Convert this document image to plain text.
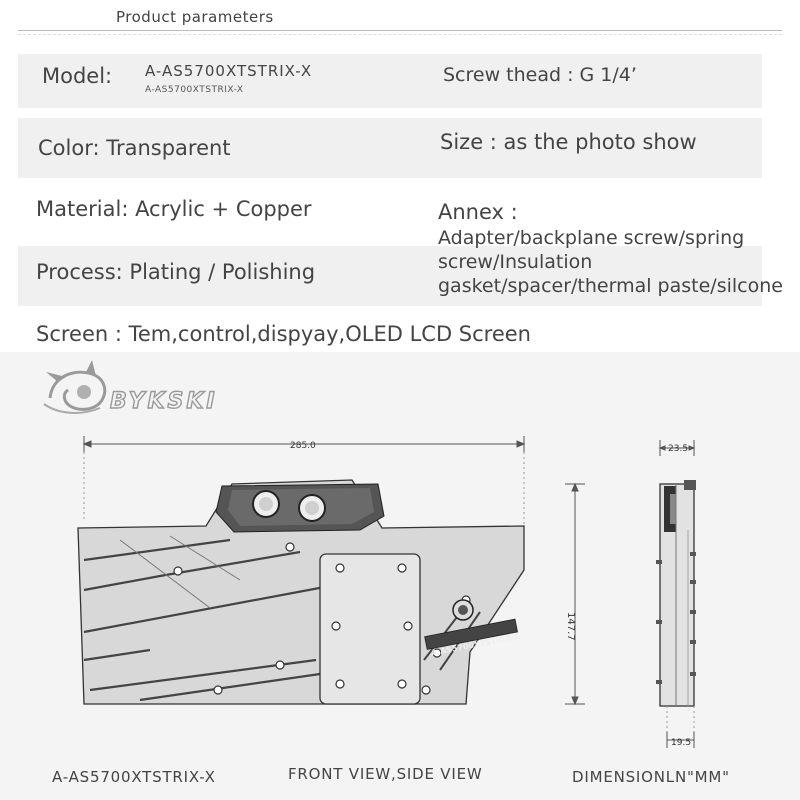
Product parameters
Model: A-AS5700XTSTRIX-X
A-AS5700XTSTRIX-X
Screw thead : G 1/4’
Color: Transparent	Size : as the photo show
Material: Acrylic + Copper	Annex :
Adapter/backplane screw/spring
screw/Insulation
gasket/spacer/thermal paste/silcone
Process: Plating / Polishing
Screen : Tem,control,dispyay,OLED LCD Screen
BYKSKI
285.0
147.7
A-AS5700XTSTRIX-X
23.5
19.5
A-AS5700XTSTRIX-X	FRONT VIEW,SIDE VIEW	DIMENSIONLN"MM"
